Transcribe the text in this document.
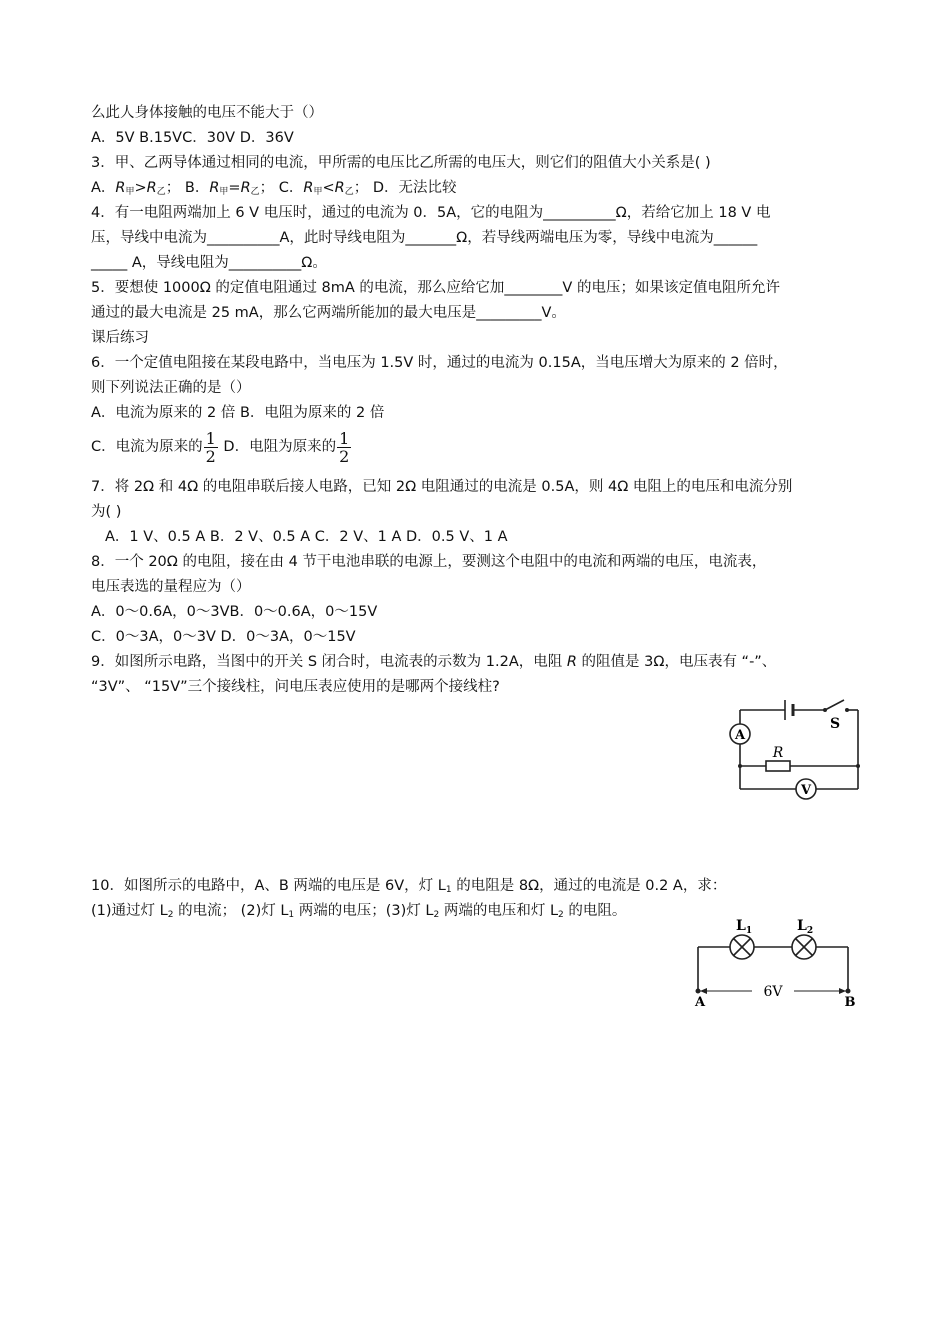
么此人身体接触的电压不能大于（）
A．5V B.15VC．30V D．36V
3．甲、乙两导体通过相同的电流，甲所需的电压比乙所需的电压大，则它们的阻值大小关系是( )
A．R甲>R乙； B．R甲=R乙； C．R甲<R乙； D．无法比较
4．有一电阻两端加上 6 V 电压时，通过的电流为 0．5A，它的电阻为__________Ω，若给它加上 18 V 电
压，导线中电流为__________A，此时导线电阻为_______Ω，若导线两端电压为零，导线中电流为______
_____ A，导线电阻为__________Ω。
5．要想使 1000Ω 的定值电阻通过 8mA 的电流，那么应给它加________V 的电压；如果该定值电阻所允许
通过的最大电流是 25 mA，那么它两端所能加的最大电压是_________V。
课后练习
6．一个定值电阻接在某段电路中，当电压为 1.5V 时，通过的电流为 0.15A，当电压增大为原来的 2 倍时，
则下列说法正确的是（）
A．电流为原来的 2 倍 B．电阻为原来的 2 倍
C．电流为原来的 $\frac{1}{2}$ D．电阻为原来的 $\frac{1}{2}$
7．将 2Ω 和 4Ω 的电阻串联后接人电路，已知 2Ω 电阻通过的电流是 0.5A，则 4Ω 电阻上的电压和电流分别
为( )
A．1 V、0.5 A B．2 V、0.5 A C．2 V、1 A D．0.5 V、1 A
8．一个 20Ω 的电阻，接在由 4 节干电池串联的电源上，要测这个电阻中的电流和两端的电压，电流表，
电压表选的量程应为（）
A．0～0.6A，0～3VB．0～0.6A，0～15V
C．0～3A，0～3V D．0～3A，0～15V
9．如图所示电路，当图中的开关 S 闭合时，电流表的示数为 1.2A，电阻 R 的阻值是 3Ω，电压表有 “-”、
“3V”、 “15V”三个接线柱，问电压表应使用的是哪两个接线柱?
A
V
R
S
10．如图所示的电路中，A、B 两端的电压是 6V，灯 L1 的电阻是 8Ω，通过的电流是 0.2 A，求：
(1)通过灯 L2 的电流； (2)灯 L1 两端的电压；(3)灯 L2 两端的电压和灯 L2 的电阻。
$L_1$	$L_2$
A	B
6V
